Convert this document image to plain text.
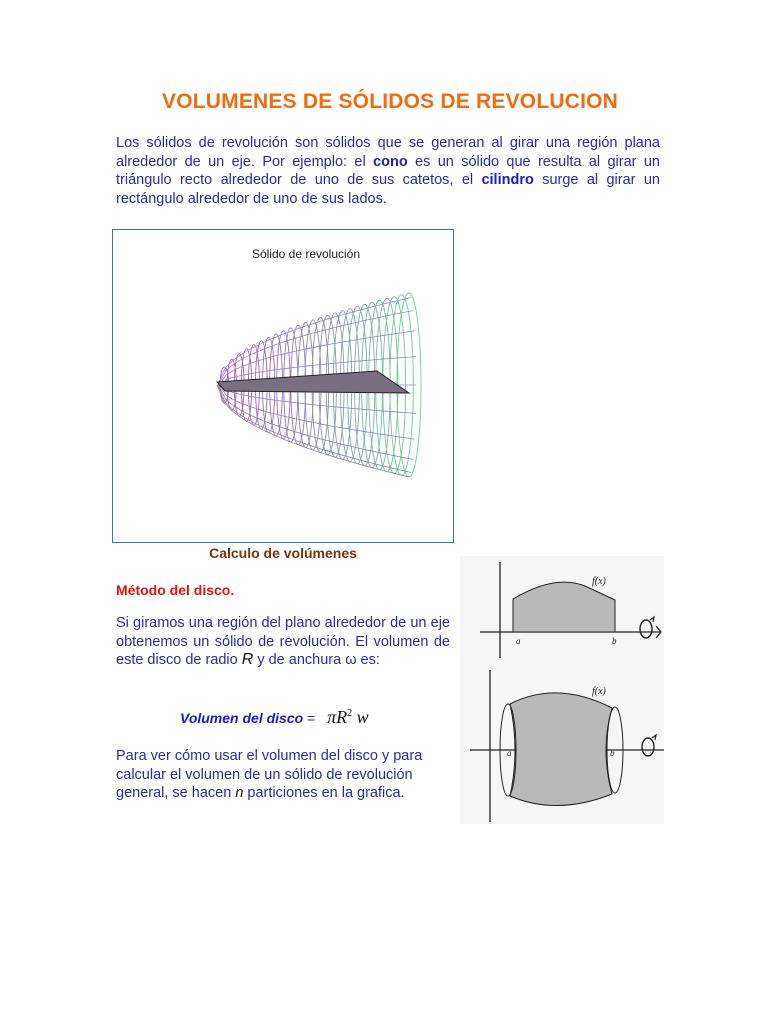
VOLUMENES DE SÓLIDOS DE REVOLUCION
Los sólidos de revolución son sólidos que se generan al girar una región plana alrededor de un eje. Por ejemplo: el cono es un sólido que resulta al girar un triángulo recto alrededor de uno de sus catetos, el cilindro surge al girar un rectángulo alrededor de uno de sus lados.
Sólido de revolución
Calculo de volúmenes
Método del disco.
Si giramos una región del plano alrededor de un eje obtenemos un sólido de revolución. El volumen de este disco de radio R y de anchura ω es:
Volumen del disco = $\pi R^2$ w
Para ver cómo usar el volumen del disco y para calcular el volumen de un sólido de revolución general, se hacen n particiones en la grafica.
f(x)
a	b
f(x)
a	b
